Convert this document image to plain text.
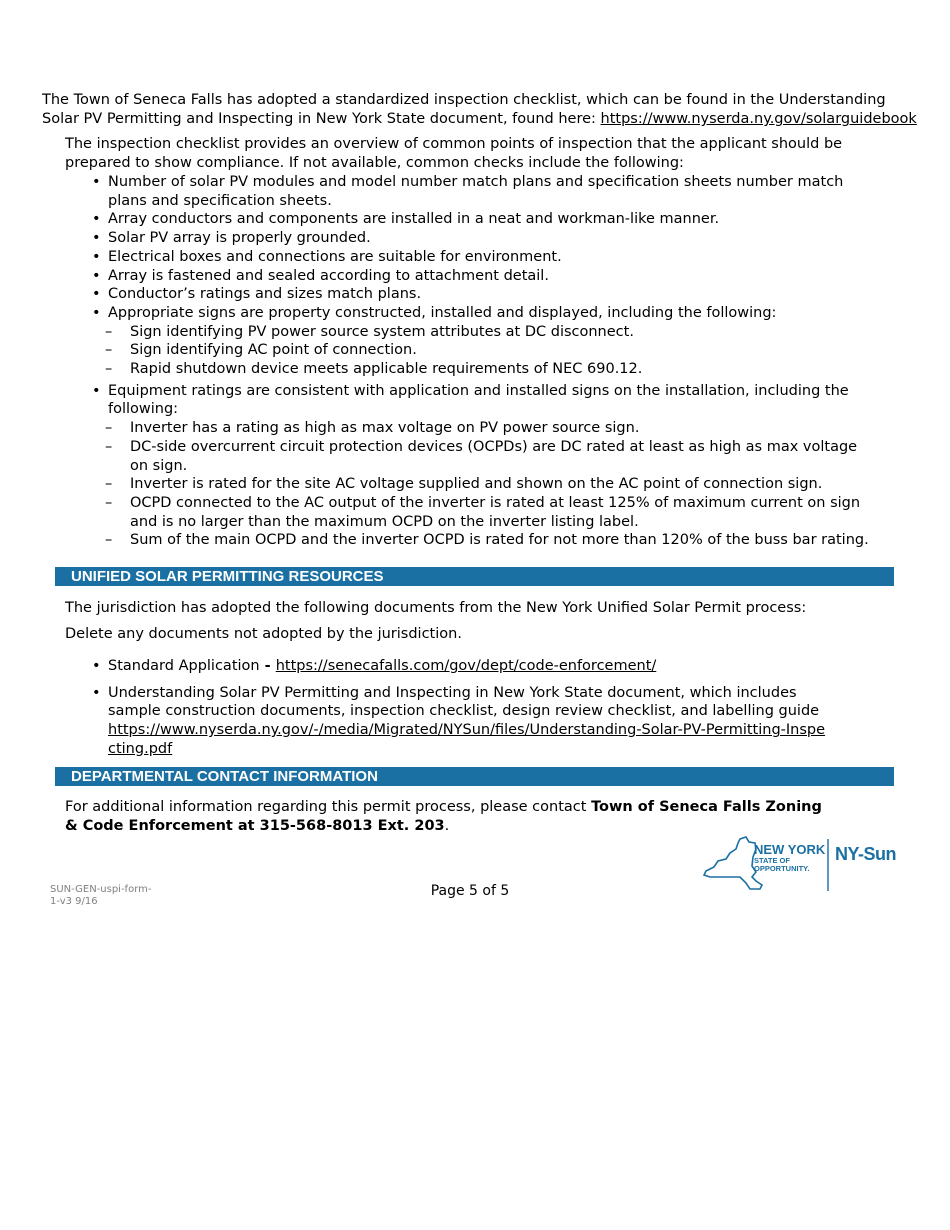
The Town of Seneca Falls has adopted a standardized inspection checklist, which can be found in the Understanding Solar PV Permitting and Inspecting in New York State document, found here: https://www.nyserda.ny.gov/solarguidebook

The inspection checklist provides an overview of common points of inspection that the applicant should be prepared to show compliance. If not available, common checks include the following:

• Number of solar PV modules and model number match plans and specification sheets number match plans and specification sheets.
• Array conductors and components are installed in a neat and workman-like manner.
• Solar PV array is properly grounded.
• Electrical boxes and connections are suitable for environment.
• Array is fastened and sealed according to attachment detail.
• Conductor’s ratings and sizes match plans.
• Appropriate signs are property constructed, installed and displayed, including the following:
– Sign identifying PV power source system attributes at DC disconnect.
– Sign identifying AC point of connection.
– Rapid shutdown device meets applicable requirements of NEC 690.12.
• Equipment ratings are consistent with application and installed signs on the installation, including the following:
– Inverter has a rating as high as max voltage on PV power source sign.
– DC-side overcurrent circuit protection devices (OCPDs) are DC rated at least as high as max voltage on sign.
– Inverter is rated for the site AC voltage supplied and shown on the AC point of connection sign.
– OCPD connected to the AC output of the inverter is rated at least 125% of maximum current on sign and is no larger than the maximum OCPD on the inverter listing label.
– Sum of the main OCPD and the inverter OCPD is rated for not more than 120% of the buss bar rating.
UNIFIED SOLAR PERMITTING RESOURCES

The jurisdiction has adopted the following documents from the New York Unified Solar Permit process:

Delete any documents not adopted by the jurisdiction.

• Standard Application - https://senecafalls.com/gov/dept/code-enforcement/
• Understanding Solar PV Permitting and Inspecting in New York State document, which includes sample construction documents, inspection checklist, design review checklist, and labelling guide
https://www.nyserda.ny.gov/-/media/Migrated/NYSun/files/Understanding-Solar-PV-Permitting-Inspecting.pdf
DEPARTMENTAL CONTACT INFORMATION

For additional information regarding this permit process, please contact Town of Seneca Falls Zoning & Code Enforcement at 315-568-8013 Ext. 203.

SUN-GEN-uspi-form-1-v3 9/16
Page 5 of 5
NEW YORK
STATE OF
OPPORTUNITY.
NY-Sun
